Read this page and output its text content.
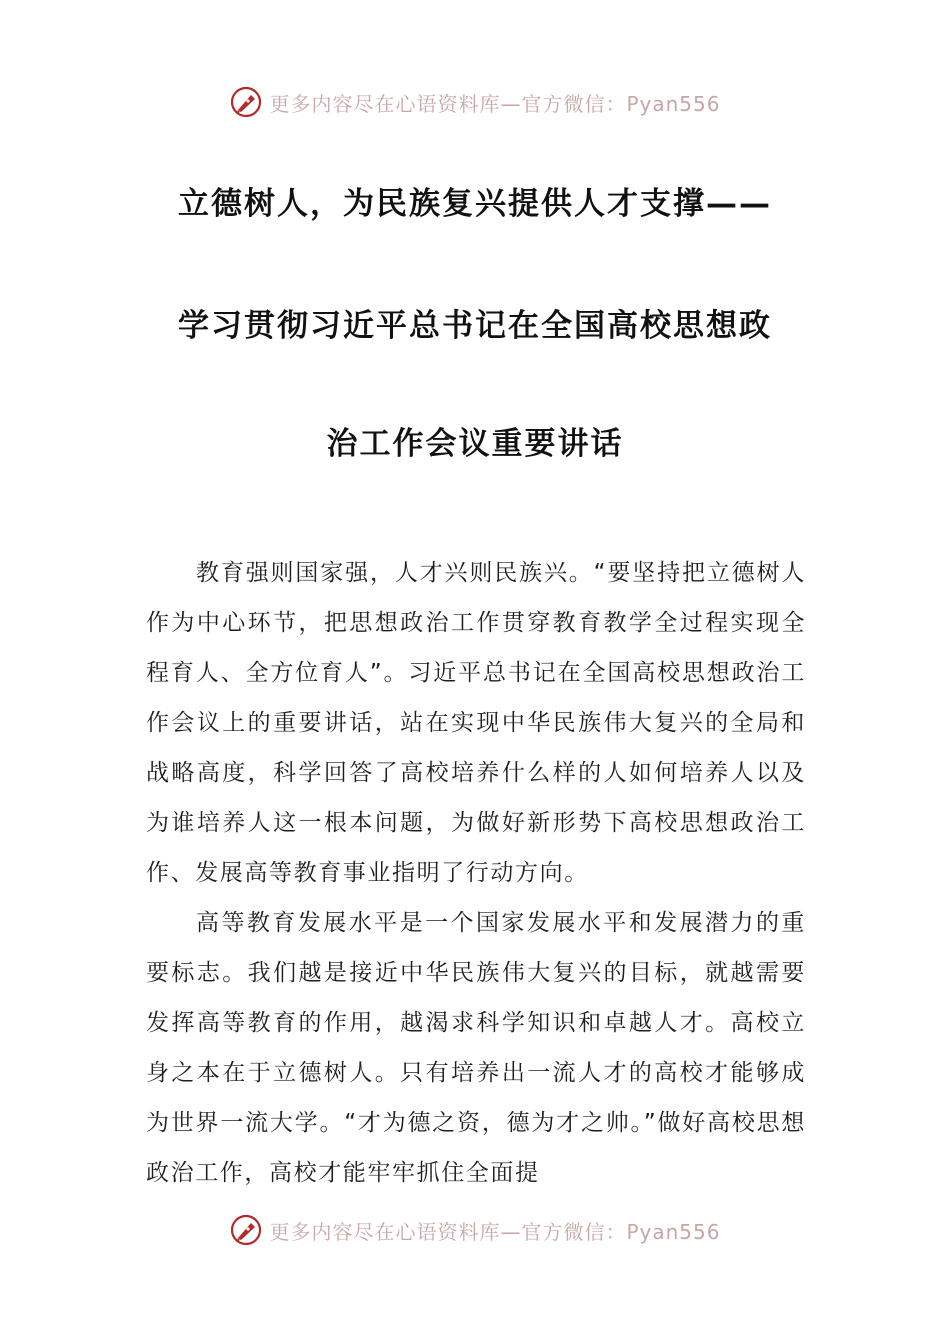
更多内容尽在心语资料库—官方微信：Pyan556
立德树人，为民族复兴提供人才支撑——
学习贯彻习近平总书记在全国高校思想政
治工作会议重要讲话

教育强则国家强，人才兴则民族兴。“要坚持把立德树人作为中心环节，把思想政治工作贯穿教育教学全过程实现全程育人、全方位育人”。习近平总书记在全国高校思想政治工作会议上的重要讲话，站在实现中华民族伟大复兴的全局和战略高度，科学回答了高校培养什么样的人如何培养人以及为谁培养人这一根本问题，为做好新形势下高校思想政治工作、发展高等教育事业指明了行动方向。

高等教育发展水平是一个国家发展水平和发展潜力的重要标志。我们越是接近中华民族伟大复兴的目标，就越需要发挥高等教育的作用，越渴求科学知识和卓越人才。高校立身之本在于立德树人。只有培养出一流人才的高校才能够成为世界一流大学。“才为德之资，德为才之帅。”做好高校思想政治工作，高校才能牢牢抓住全面提

更多内容尽在心语资料库—官方微信：Pyan556
